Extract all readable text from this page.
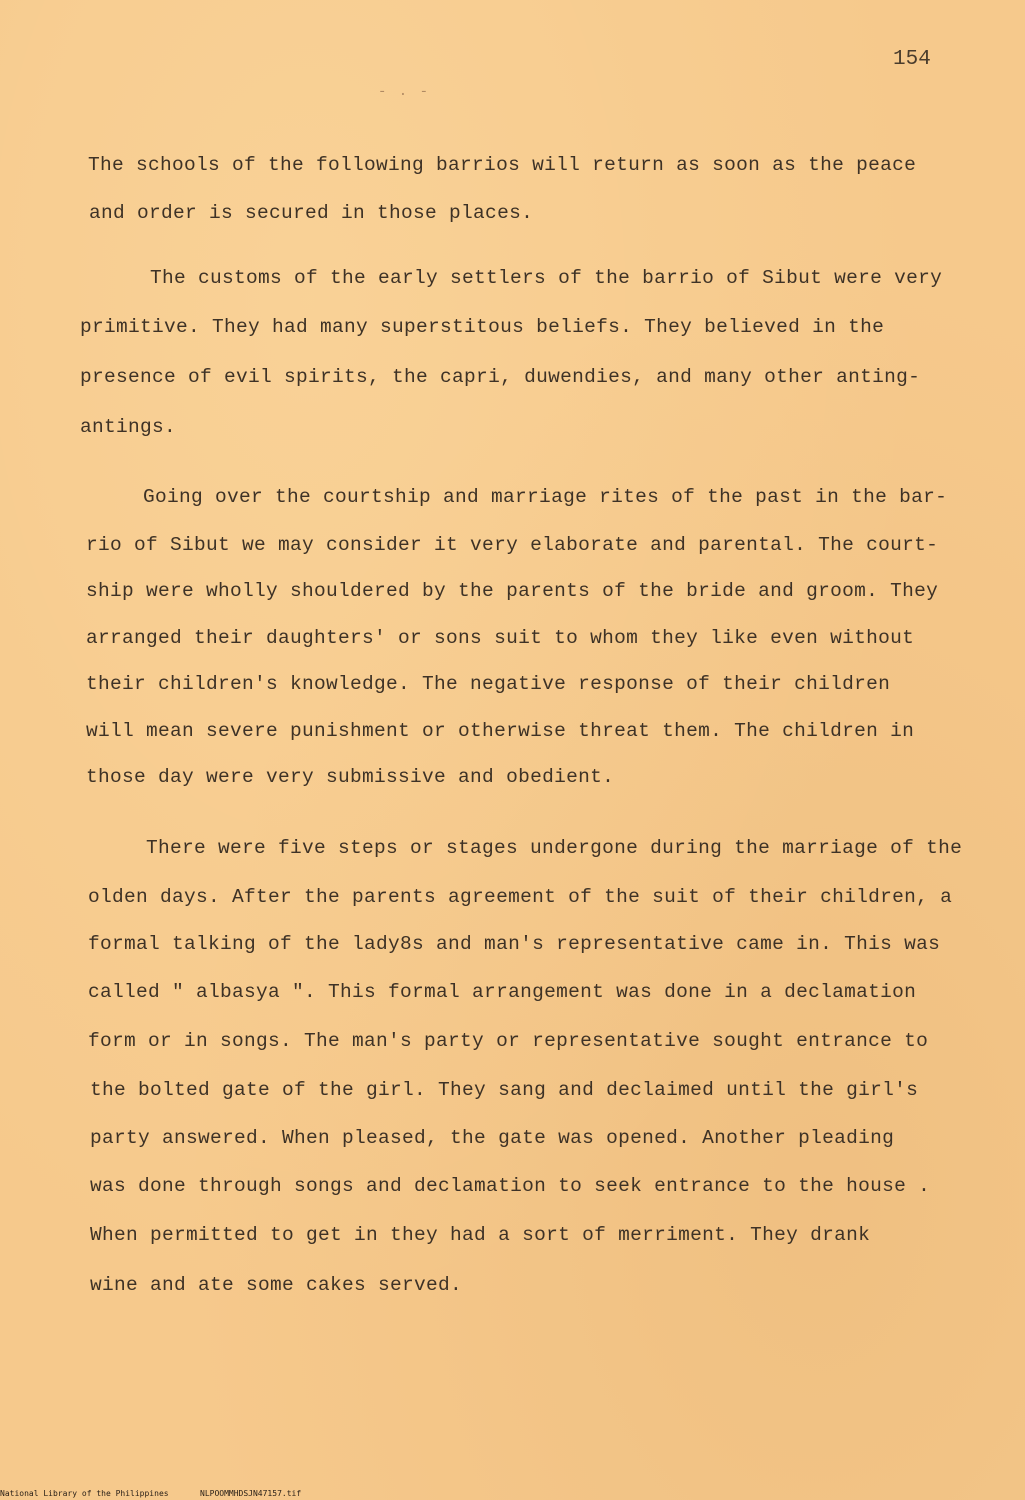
154
- . -
The schools of the following barrios will return as soon as the peace
and order is secured in those places.
The customs of the early settlers of the barrio of Sibut were very
primitive. They had many superstitous beliefs. They believed in the
presence of evil spirits, the capri, duwendies, and many other anting-
antings.
Going over the courtship and marriage rites of the past in the bar-
rio of Sibut we may consider it very elaborate and parental. The court-
ship were wholly shouldered by the parents of the bride and groom. They
arranged their daughters' or sons suit to whom they like even without
their children's knowledge. The negative response of their children
will mean severe punishment or otherwise threat them. The children in
those day were very submissive and obedient.
There were five steps or stages undergone during the marriage of the
olden days. After the parents agreement of the suit of their children, a
formal talking of the lady8s and man's representative came in. This was
called " albasya ". This formal arrangement was done in a declamation
form or in songs. The man's party or representative sought entrance to
the bolted gate of the girl. They sang and declaimed until the girl's
party answered. When pleased, the gate was opened. Another pleading
was done through songs and declamation to seek entrance to the house .
When permitted to get in they had a sort of merriment. They drank
wine and ate some cakes served.
National Library of the Philippines	NLPOOMMHDSJN47157.tif
